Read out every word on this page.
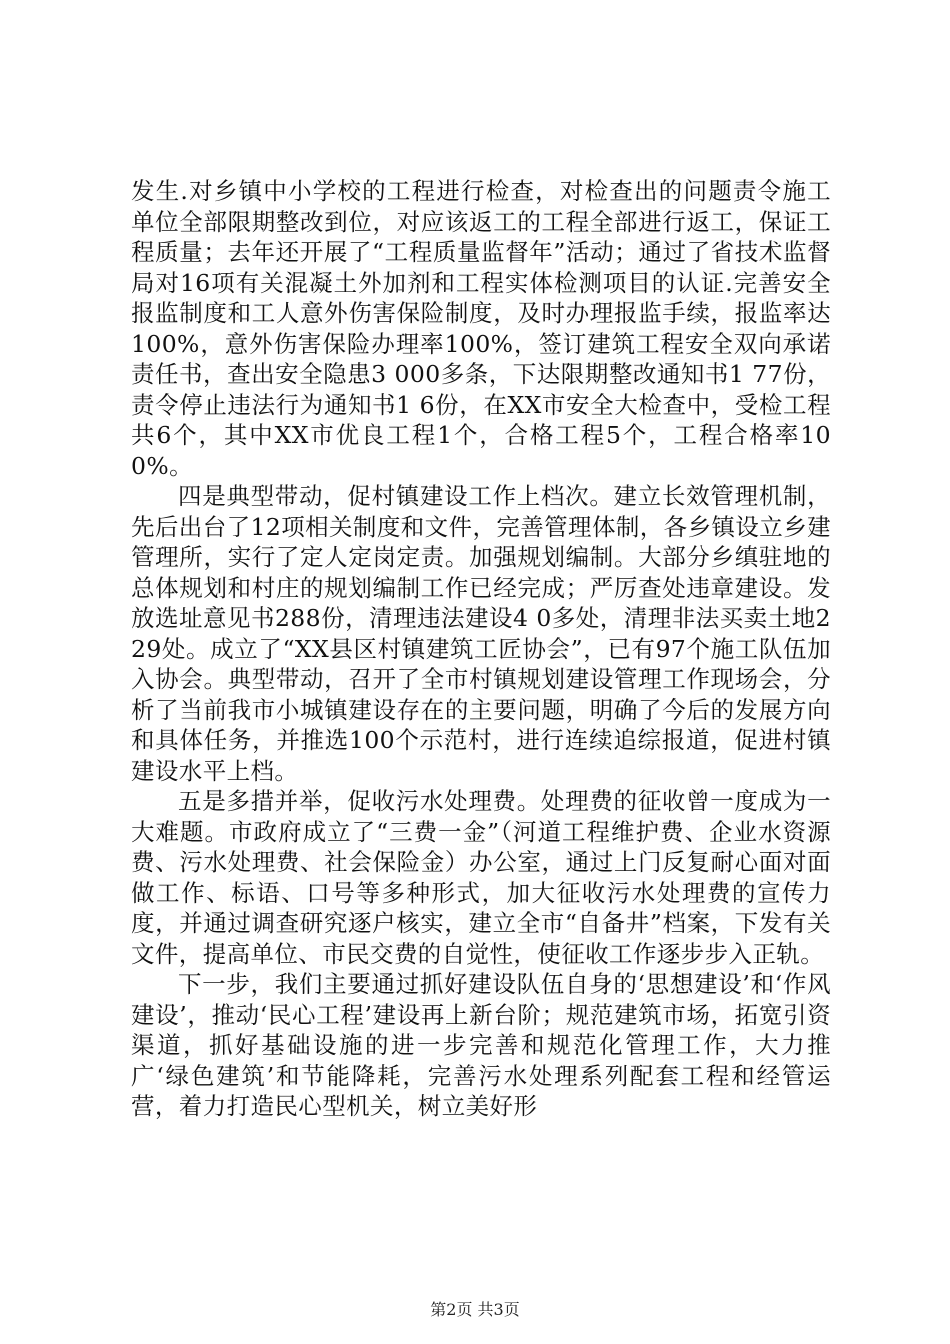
发生.对乡镇中小学校的工程进行检查，对检查出的问题责令施工单位全部限期整改到位，对应该返工的工程全部进行返工，保证工程质量；去年还开展了“工程质量监督年”活动；通过了省技术监督局对16项有关混凝土外加剂和工程实体检测项目的认证.完善安全报监制度和工人意外伤害保险制度，及时办理报监手续，报监率达100%，意外伤害保险办理率100%，签订建筑工程安全双向承诺责任书，查出安全隐患3 000多条，下达限期整改通知书1 77份，责令停止违法行为通知书1 6份，在XX市安全大检查中，受检工程共6个，其中XX市优良工程1个，合格工程5个，工程合格率100%。

四是典型带动，促村镇建设工作上档次。建立长效管理机制，先后出台了12项相关制度和文件，完善管理体制，各乡镇设立乡建管理所，实行了定人定岗定责。加强规划编制。大部分乡缜驻地的总体规划和村庄的规划编制工作已经完成；严厉查处违章建设。发放选址意见书288份，清理违法建设4 0多处，清理非法买卖土地229处。成立了“XX县区村镇建筑工匠协会”，已有97个施工队伍加入协会。典型带动，召开了全市村镇规划建设管理工作现场会，分析了当前我市小城镇建设存在的主要问题，明确了今后的发展方向和具体任务，并推选100个示范村，进行连续追综报道，促进村镇建设水平上档。

五是多措并举，促收污水处理费。处理费的征收曾一度成为一大难题。市政府成立了“三费一金”（河道工程维护费、企业水资源费、污水处理费、社会保险金）办公室，通过上门反复耐心面对面做工作、标语、口号等多种形式，加大征收污水处理费的宣传力度，并通过调查研究逐户核实，建立全市“自备井”档案，下发有关文件，提高单位、市民交费的自觉性，使征收工作逐步步入正轨。

下一步，我们主要通过抓好建设队伍自身的‘思想建设’和‘作风建设’，推动‘民心工程’建设再上新台阶；规范建筑市场，拓宽引资渠道，抓好基础设施的进一步完善和规范化管理工作，大力推广‘绿色建筑’和节能降耗，完善污水处理系列配套工程和经管运营，着力打造民心型机关，树立美好形

第2页 共3页
